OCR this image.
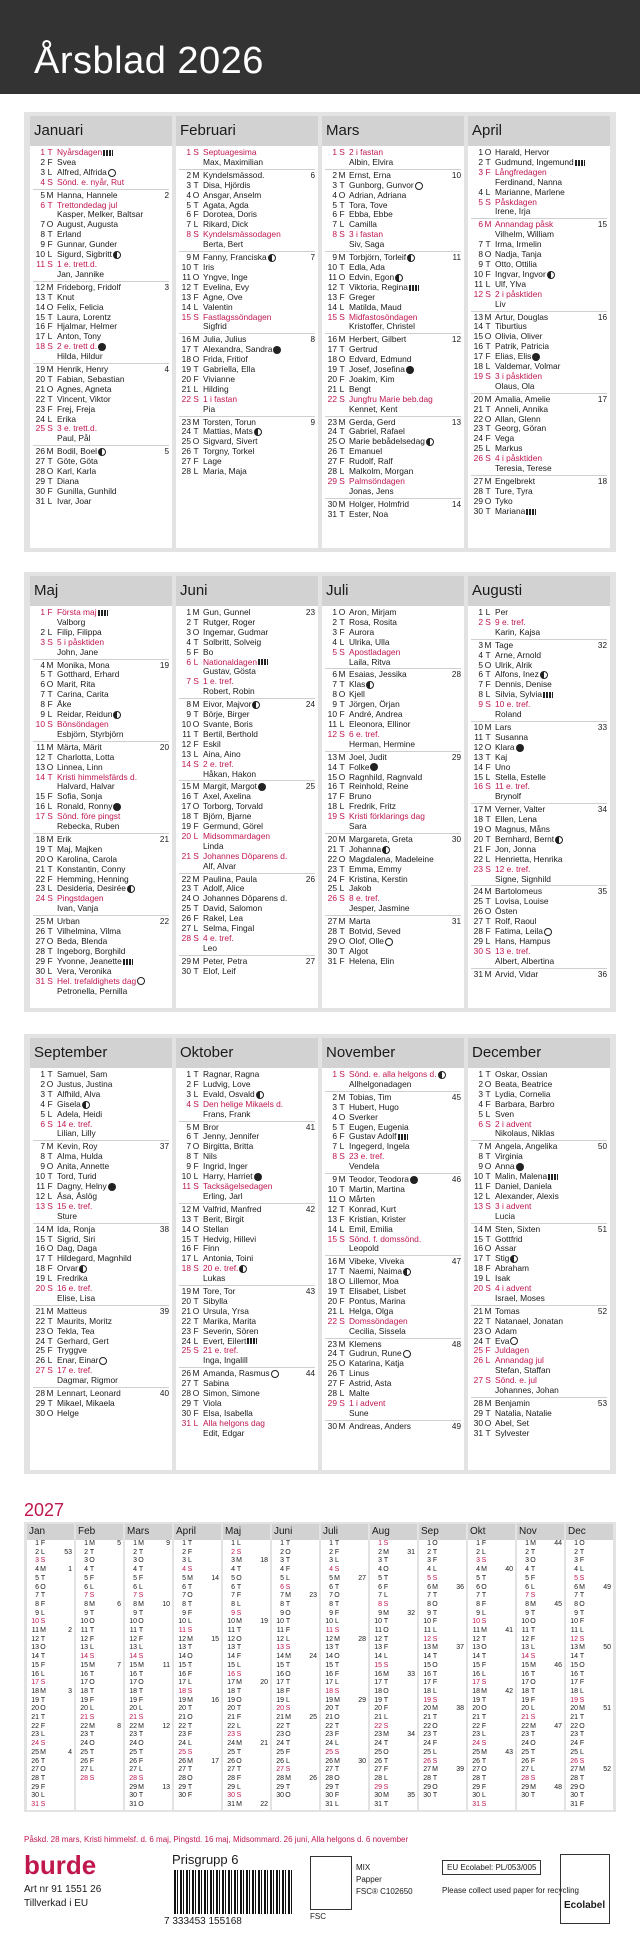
Årsblad 2026
Januari
1 T Nyårsdagen
2 F Svea
3 L Alfred, Alfrida
4 S Sönd. e. nyår, Rut
5 M Hanna, Hannele	2
6 T Trettondedag jul
Kasper, Melker, Baltsar
7 O August, Augusta
8 T Erland
9 F Gunnar, Gunder
10 L Sigurd, Sigbritt
11 S 1 e. trett.d.
Jan, Jannike
12 M Frideborg, Fridolf	3
13 T Knut
14 O Felix, Felicia
15 T Laura, Lorentz
16 F Hjalmar, Helmer
17 L Anton, Tony
18 S 2 e. trett d.
Hilda, Hildur
19 M Henrik, Henry	4
20 T Fabian, Sebastian
21 O Agnes, Agneta
22 T Vincent, Viktor
23 F Frej, Freja
24 L Erika
25 S 3 e. trett.d.
Paul, Pål
26 M Bodil, Boel	5
27 T Göte, Göta
28 O Karl, Karla
29 T Diana
30 F Gunilla, Gunhild
31 L Ivar, Joar
Februari
1 S Septuagesima
Max, Maximilian
2 M Kyndelsmässod.	6
3 T Disa, Hjördis
4 O Ansgar, Anselm
5 T Agata, Agda
6 F Dorotea, Doris
7 L Rikard, Dick
8 S Kyndelsmässodagen
Berta, Bert
9 M Fanny, Franciska	7
10 T Iris
11 O Yngve, Inge
12 T Evelina, Evy
13 F Agne, Ove
14 L Valentin
15 S Fastlagssöndagen
Sigfrid
16 M Julia, Julius	8
17 T Alexandra, Sandra
18 O Frida, Fritiof
19 T Gabriella, Ella
20 F Vivianne
21 L Hilding
22 S 1 i fastan
Pia
23 M Torsten, Torun	9
24 T Mattias, Mats
25 O Sigvard, Sivert
26 T Torgny, Torkel
27 F Lage
28 L Maria, Maja
Mars
1 S 2 i fastan
Albin, Elvira
2 M Ernst, Erna	10
3 T Gunborg, Gunvor
4 O Adrian, Adriana
5 T Tora, Tove
6 F Ebba, Ebbe
7 L Camilla
8 S 3 i fastan
Siv, Saga
9 M Torbjörn, Torleif	11
10 T Edla, Ada
11 O Edvin, Egon
12 T Viktoria, Regina
13 F Greger
14 L Matilda, Maud
15 S Midfastosöndagen
Kristoffer, Christel
16 M Herbert, Gilbert	12
17 T Gertrud
18 O Edvard, Edmund
19 T Josef, Josefina
20 F Joakim, Kim
21 L Bengt
22 S Jungfru Marie beb.dag
Kennet, Kent
23 M Gerda, Gerd	13
24 T Gabriel, Rafael
25 O Marie bebådelsedag
26 T Emanuel
27 F Rudolf, Ralf
28 L Malkolm, Morgan
29 S Palmsöndagen
Jonas, Jens
30 M Holger, Holmfrid	14
31 T Ester, Noa
April
1 O Harald, Hervor
2 T Gudmund, Ingemund
3 F Långfredagen
Ferdinand, Nanna
4 L Marianne, Marlene
5 S Påskdagen
Irene, Irja
6 M Annandag påsk	15
Vilhelm, William
7 T Irma, Irmelin
8 O Nadja, Tanja
9 T Otto, Ottilia
10 F Ingvar, Ingvor
11 L Ulf, Ylva
12 S 2 i påsktiden
Liv
13 M Artur, Douglas	16
14 T Tiburtius
15 O Olivia, Oliver
16 T Patrik, Patricia
17 F Elias, Elis
18 L Valdemar, Volmar
19 S 3 i påsktiden
Olaus, Ola
20 M Amalia, Amelie	17
21 T Anneli, Annika
22 O Allan, Glenn
23 T Georg, Göran
24 F Vega
25 L Markus
26 S 4 i påsktiden
Teresia, Terese
27 M Engelbrekt	18
28 T Ture, Tyra
29 O Tyko
30 T Mariana
Maj
1 F Första maj
Valborg
2 L Filip, Filippa
3 S 5 i påsktiden
John, Jane
4 M Monika, Mona	19
5 T Gotthard, Erhard
6 O Marit, Rita
7 T Carina, Carita
8 F Åke
9 L Reidar, Reidun
10 S Bönsöndagen
Esbjörn, Styrbjörn
11 M Märta, Märit	20
12 T Charlotta, Lotta
13 O Linnea, Linn
14 T Kristi himmelsfärds d.
Halvard, Halvar
15 F Sofia, Sonja
16 L Ronald, Ronny
17 S Sönd. före pingst
Rebecka, Ruben
18 M Erik	21
19 T Maj, Majken
20 O Karolina, Carola
21 T Konstantin, Conny
22 F Hemming, Henning
23 L Desideria, Desirée
24 S Pingstdagen
Ivan, Vanja
25 M Urban	22
26 T Vilhelmina, Vilma
27 O Beda, Blenda
28 T Ingeborg, Borghild
29 F Yvonne, Jeanette
30 L Vera, Veronika
31 S Hel. trefaldighets dag
Petronella, Pernilla
Juni
1 M Gun, Gunnel	23
2 T Rutger, Roger
3 O Ingemar, Gudmar
4 T Solbritt, Solveig
5 F Bo
6 L Nationaldagen
Gustav, Gösta
7 S 1 e. tref.
Robert, Robin
8 M Eivor, Majvor	24
9 T Börje, Birger
10 O Svante, Boris
11 T Bertil, Berthold
12 F Eskil
13 L Aina, Aino
14 S 2 e. tref.
Håkan, Hakon
15 M Margit, Margot	25
16 T Axel, Axelina
17 O Torborg, Torvald
18 T Björn, Bjarne
19 F Germund, Görel
20 L Midsommardagen
Linda
21 S Johannes Döparens d.
Alf, Alvar
22 M Paulina, Paula	26
23 T Adolf, Alice
24 O Johannes Döparens d.
25 T David, Salomon
26 F Rakel, Lea
27 L Selma, Fingal
28 S 4 e. tref.
Leo
29 M Peter, Petra	27
30 T Elof, Leif
Juli
1 O Aron, Mirjam
2 T Rosa, Rosita
3 F Aurora
4 L Ulrika, Ulla
5 S Apostladagen
Laila, Ritva
6 M Esaias, Jessika	28
7 T Klas
8 O Kjell
9 T Jörgen, Örjan
10 F André, Andrea
11 L Eleonora, Ellinor
12 S 6 e. tref.
Herman, Hermine
13 M Joel, Judit	29
14 T Folke
15 O Ragnhild, Ragnvald
16 T Reinhold, Reine
17 F Bruno
18 L Fredrik, Fritz
19 S Kristi förklarings dag
Sara
20 M Margareta, Greta	30
21 T Johanna
22 O Magdalena, Madeleine
23 T Emma, Emmy
24 F Kristina, Kerstin
25 L Jakob
26 S 8 e. tref.
Jesper, Jasmine
27 M Marta	31
28 T Botvid, Seved
29 O Olof, Olle
30 T Algot
31 F Helena, Elin
Augusti
1 L Per
2 S 9 e. tref.
Karin, Kajsa
3 M Tage	32
4 T Arne, Arnold
5 O Ulrik, Alrik
6 T Alfons, Inez
7 F Dennis, Denise
8 L Silvia, Sylvia
9 S 10 e. tref.
Roland
10 M Lars	33
11 T Susanna
12 O Klara
13 T Kaj
14 F Uno
15 L Stella, Estelle
16 S 11 e. tref.
Brynolf
17 M Verner, Valter	34
18 T Ellen, Lena
19 O Magnus, Måns
20 T Bernhard, Bernt
21 F Jon, Jonna
22 L Henrietta, Henrika
23 S 12 e. tref.
Signe, Signhild
24 M Bartolomeus	35
25 T Lovisa, Louise
26 O Östen
27 T Rolf, Raoul
28 F Fatima, Leila
29 L Hans, Hampus
30 S 13 e. tref.
Albert, Albertina
31 M Arvid, Vidar	36
September
1 T Samuel, Sam
2 O Justus, Justina
3 T Alfhild, Alva
4 F Gisela
5 L Adela, Heidi
6 S 14 e. tref.
Lilian, Lilly
7 M Kevin, Roy	37
8 T Alma, Hulda
9 O Anita, Annette
10 T Tord, Turid
11 F Dagny, Helny
12 L Åsa, Åslög
13 S 15 e. tref.
Sture
14 M Ida, Ronja	38
15 T Sigrid, Siri
16 O Dag, Daga
17 T Hildegard, Magnhild
18 F Orvar
19 L Fredrika
20 S 16 e. tref.
Elise, Lisa
21 M Matteus	39
22 T Maurits, Moritz
23 O Tekla, Tea
24 T Gerhard, Gert
25 F Tryggve
26 L Enar, Einar
27 S 17 e. tref.
Dagmar, Rigmor
28 M Lennart, Leonard	40
29 T Mikael, Mikaela
30 O Helge
Oktober
1 T Ragnar, Ragna
2 F Ludvig, Love
3 L Evald, Osvald
4 S Den helige Mikaels d.
Frans, Frank
5 M Bror	41
6 T Jenny, Jennifer
7 O Birgitta, Britta
8 T Nils
9 F Ingrid, Inger
10 L Harry, Harriet
11 S Tacksägelsedagen
Erling, Jarl
12 M Valfrid, Manfred	42
13 T Berit, Birgit
14 O Stellan
15 T Hedvig, Hillevi
16 F Finn
17 L Antonia, Toini
18 S 20 e. tref.
Lukas
19 M Tore, Tor	43
20 T Sibylla
21 O Ursula, Yrsa
22 T Marika, Marita
23 F Severin, Sören
24 L Evert, Eilert
25 S 21 e. tref.
Inga, Ingalill
26 M Amanda, Rasmus	44
27 T Sabina
28 O Simon, Simone
29 T Viola
30 F Elsa, Isabella
31 L Alla helgons dag
Edit, Edgar
November
1 S Sönd. e. alla helgons d.
Allhelgonadagen
2 M Tobias, Tim	45
3 T Hubert, Hugo
4 O Sverker
5 T Eugen, Eugenia
6 F Gustav Adolf
7 L Ingegerd, Ingela
8 S 23 e. tref.
Vendela
9 M Teodor, Teodora	46
10 T Martin, Martina
11 O Mårten
12 T Konrad, Kurt
13 F Kristian, Krister
14 L Emil, Emilia
15 S Sönd. f. domssönd.
Leopold
16 M Vibeke, Viveka	47
17 T Naemi, Naima
18 O Lillemor, Moa
19 T Elisabet, Lisbet
20 F Pontus, Marina
21 L Helga, Olga
22 S Domssöndagen
Cecilia, Sissela
23 M Klemens	48
24 T Gudrun, Rune
25 O Katarina, Katja
26 T Linus
27 F Astrid, Asta
28 L Malte
29 S 1 i advent
Sune
30 M Andreas, Anders	49
December
1 T Oskar, Ossian
2 O Beata, Beatrice
3 T Lydia, Cornelia
4 F Barbara, Barbro
5 L Sven
6 S 2 i advent
Nikolaus, Niklas
7 M Angela, Angelika	50
8 T Virginia
9 O Anna
10 T Malin, Malena
11 F Daniel, Daniela
12 L Alexander, Alexis
13 S 3 i advent
Lucia
14 M Sten, Sixten	51
15 T Gottfrid
16 O Assar
17 T Stig
18 F Abraham
19 L Isak
20 S 4 i advent
Israel, Moses
21 M Tomas	52
22 T Natanael, Jonatan
23 O Adam
24 T Eva
25 F Juldagen
26 L Annandag jul
Stefan, Staffan
27 S Sönd. e. jul
Johannes, Johan
28 M Benjamin	53
29 T Natalia, Natalie
30 O Abel, Set
31 T Sylvester
2027
Jan
1 F
2 L	53
3 S
4 M	1
5 T
6 O
7 T
8 F
9 L
10 S
11 M	2
12 T
13 O
14 T
15 F
16 L
17 S
18 M	3
19 T
20 O
21 T
22 F
23 L
24 S
25 M	4
26 T
27 O
28 T
29 F
30 L
31 S
Feb
1 M	5
2 T
3 O
4 T
5 F
6 L
7 S
8 M	6
9 T
10 O
11 T
12 F
13 L
14 S
15 M	7
16 T
17 O
18 T
19 F
20 L
21 S
22 M	8
23 T
24 O
25 T
26 F
27 L
28 S
Mars
1 M	9
2 T
3 O
4 T
5 F
6 L
7 S
8 M	10
9 T
10 O
11 T
12 F
13 L
14 S
15 M	11
16 T
17 O
18 T
19 F
20 L
21 S
22 M	12
23 T
24 O
25 T
26 F
27 L
28 S
29 M	13
30 T
31 O
April
1 T
2 F
3 L
4 S
5 M	14
6 T
7 O
8 T
9 F
10 L
11 S
12 M	15
13 T
14 O
15 T
16 F
17 L
18 S
19 M	16
20 T
21 O
22 T
23 F
24 L
25 S
26 M	17
27 T
28 O
29 T
30 F
Maj
1 L
2 S
3 M	18
4 T
5 O
6 T
7 F
8 L
9 S
10 M	19
11 T
12 O
13 T
14 F
15 L
16 S
17 M	20
18 T
19 O
20 T
21 F
22 L
23 S
24 M	21
25 T
26 O
27 T
28 F
29 L
30 S
31 M	22
Juni
1 T
2 O
3 T
4 F
5 L
6 S
7 M	23
8 T
9 O
10 T
11 F
12 L
13 S
14 M	24
15 T
16 O
17 T
18 F
19 L
20 S
21 M	25
22 T
23 O
24 T
25 F
26 L
27 S
28 M	26
29 T
30 O
Juli
1 T
2 F
3 L
4 S
5 M	27
6 T
7 O
8 T
9 F
10 L
11 S
12 M	28
13 T
14 O
15 T
16 F
17 L
18 S
19 M	29
20 T
21 O
22 T
23 F
24 L
25 S
26 M	30
27 T
28 O
29 T
30 F
31 L
Aug
1 S
2 M	31
3 T
4 O
5 T
6 F
7 L
8 S
9 M	32
10 T
11 O
12 T
13 F
14 L
15 S
16 M	33
17 T
18 O
19 T
20 F
21 L
22 S
23 M	34
24 T
25 O
26 T
27 F
28 L
29 S
30 M	35
31 T
Sep
1 O
2 T
3 F
4 L
5 S
6 M	36
7 T
8 O
9 T
10 F
11 L
12 S
13 M	37
14 T
15 O
16 T
17 F
18 L
19 S
20 M	38
21 T
22 O
23 T
24 F
25 L
26 S
27 M	39
28 T
29 O
30 T
Okt
1 F
2 L
3 S
4 M	40
5 T
6 O
7 T
8 F
9 L
10 S
11 M	41
12 T
13 O
14 T
15 F
16 L
17 S
18 M	42
19 T
20 O
21 T
22 F
23 L
24 S
25 M	43
26 T
27 O
28 T
29 F
30 L
31 S
Nov
1 M	44
2 T
3 O
4 T
5 F
6 L
7 S
8 M	45
9 T
10 O
11 T
12 F
13 L
14 S
15 M	46
16 T
17 O
18 T
19 F
20 L
21 S
22 M	47
23 T
24 O
25 T
26 F
27 L
28 S
29 M	48
30 T
Dec
1 O
2 T
3 F
4 L
5 S
6 M	49
7 T
8 O
9 T
10 F
11 L
12 S
13 M	50
14 T
15 O
16 T
17 F
18 L
19 S
20 M	51
21 T
22 O
23 T
24 F
25 L
26 S
27 M	52
28 T
29 O
30 T
31 F
Påskd. 28 mars, Kristi himmelsf. d. 6 maj, Pingstd. 16 maj, Midsommard. 26 juni, Alla helgons d. 6 november
burde
Art nr 91 1551 26
Tillverkad i EU
Prisgrupp 6
7 333453 155168	FSC
MIX
Papper
FSC® C102650
EU Ecolabel: PL/053/005
Please collect used paper for recycling
Ecolabel
